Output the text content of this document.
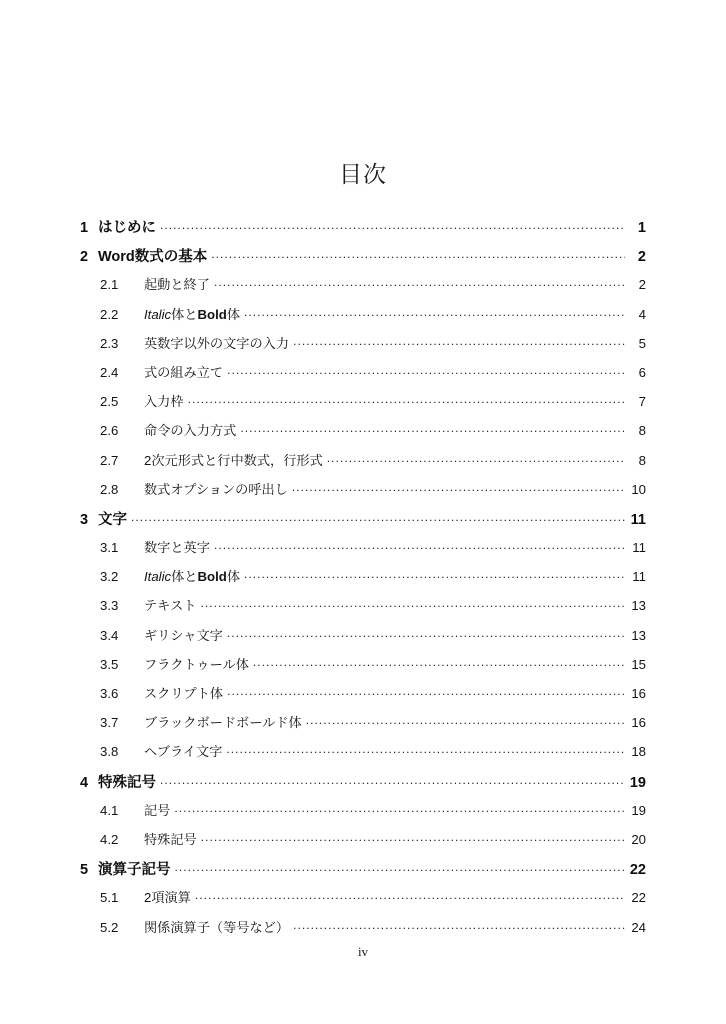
目次
1 はじめに .....	1
2 Word数式の基本 .....	2
2.1 起動と終了 .....	2
2.2 Italic体とBold体 .....	4
2.3 英数字以外の文字の入力 .....	5
2.4 式の組み立て .....	6
2.5 入力枠 .....	7
2.6 命令の入力方式 .....	8
2.7 2次元形式と行中数式，行形式 .....	8
2.8 数式オプションの呼出し .....	10
3 文字 .....	11
3.1 数字と英字 .....	11
3.2 Italic体とBold体 .....	11
3.3 テキスト .....	13
3.4 ギリシャ文字 .....	13
3.5 フラクトゥール体 .....	15
3.6 スクリプト体 .....	16
3.7 ブラックボードボールド体 .....	16
3.8 ヘブライ文字 .....	18
4 特殊記号 .....	19
4.1 記号 .....	19
4.2 特殊記号 .....	20
5 演算子記号 .....	22
5.1 2項演算 .....	22
5.2 関係演算子（等号など） .....	24
iv
